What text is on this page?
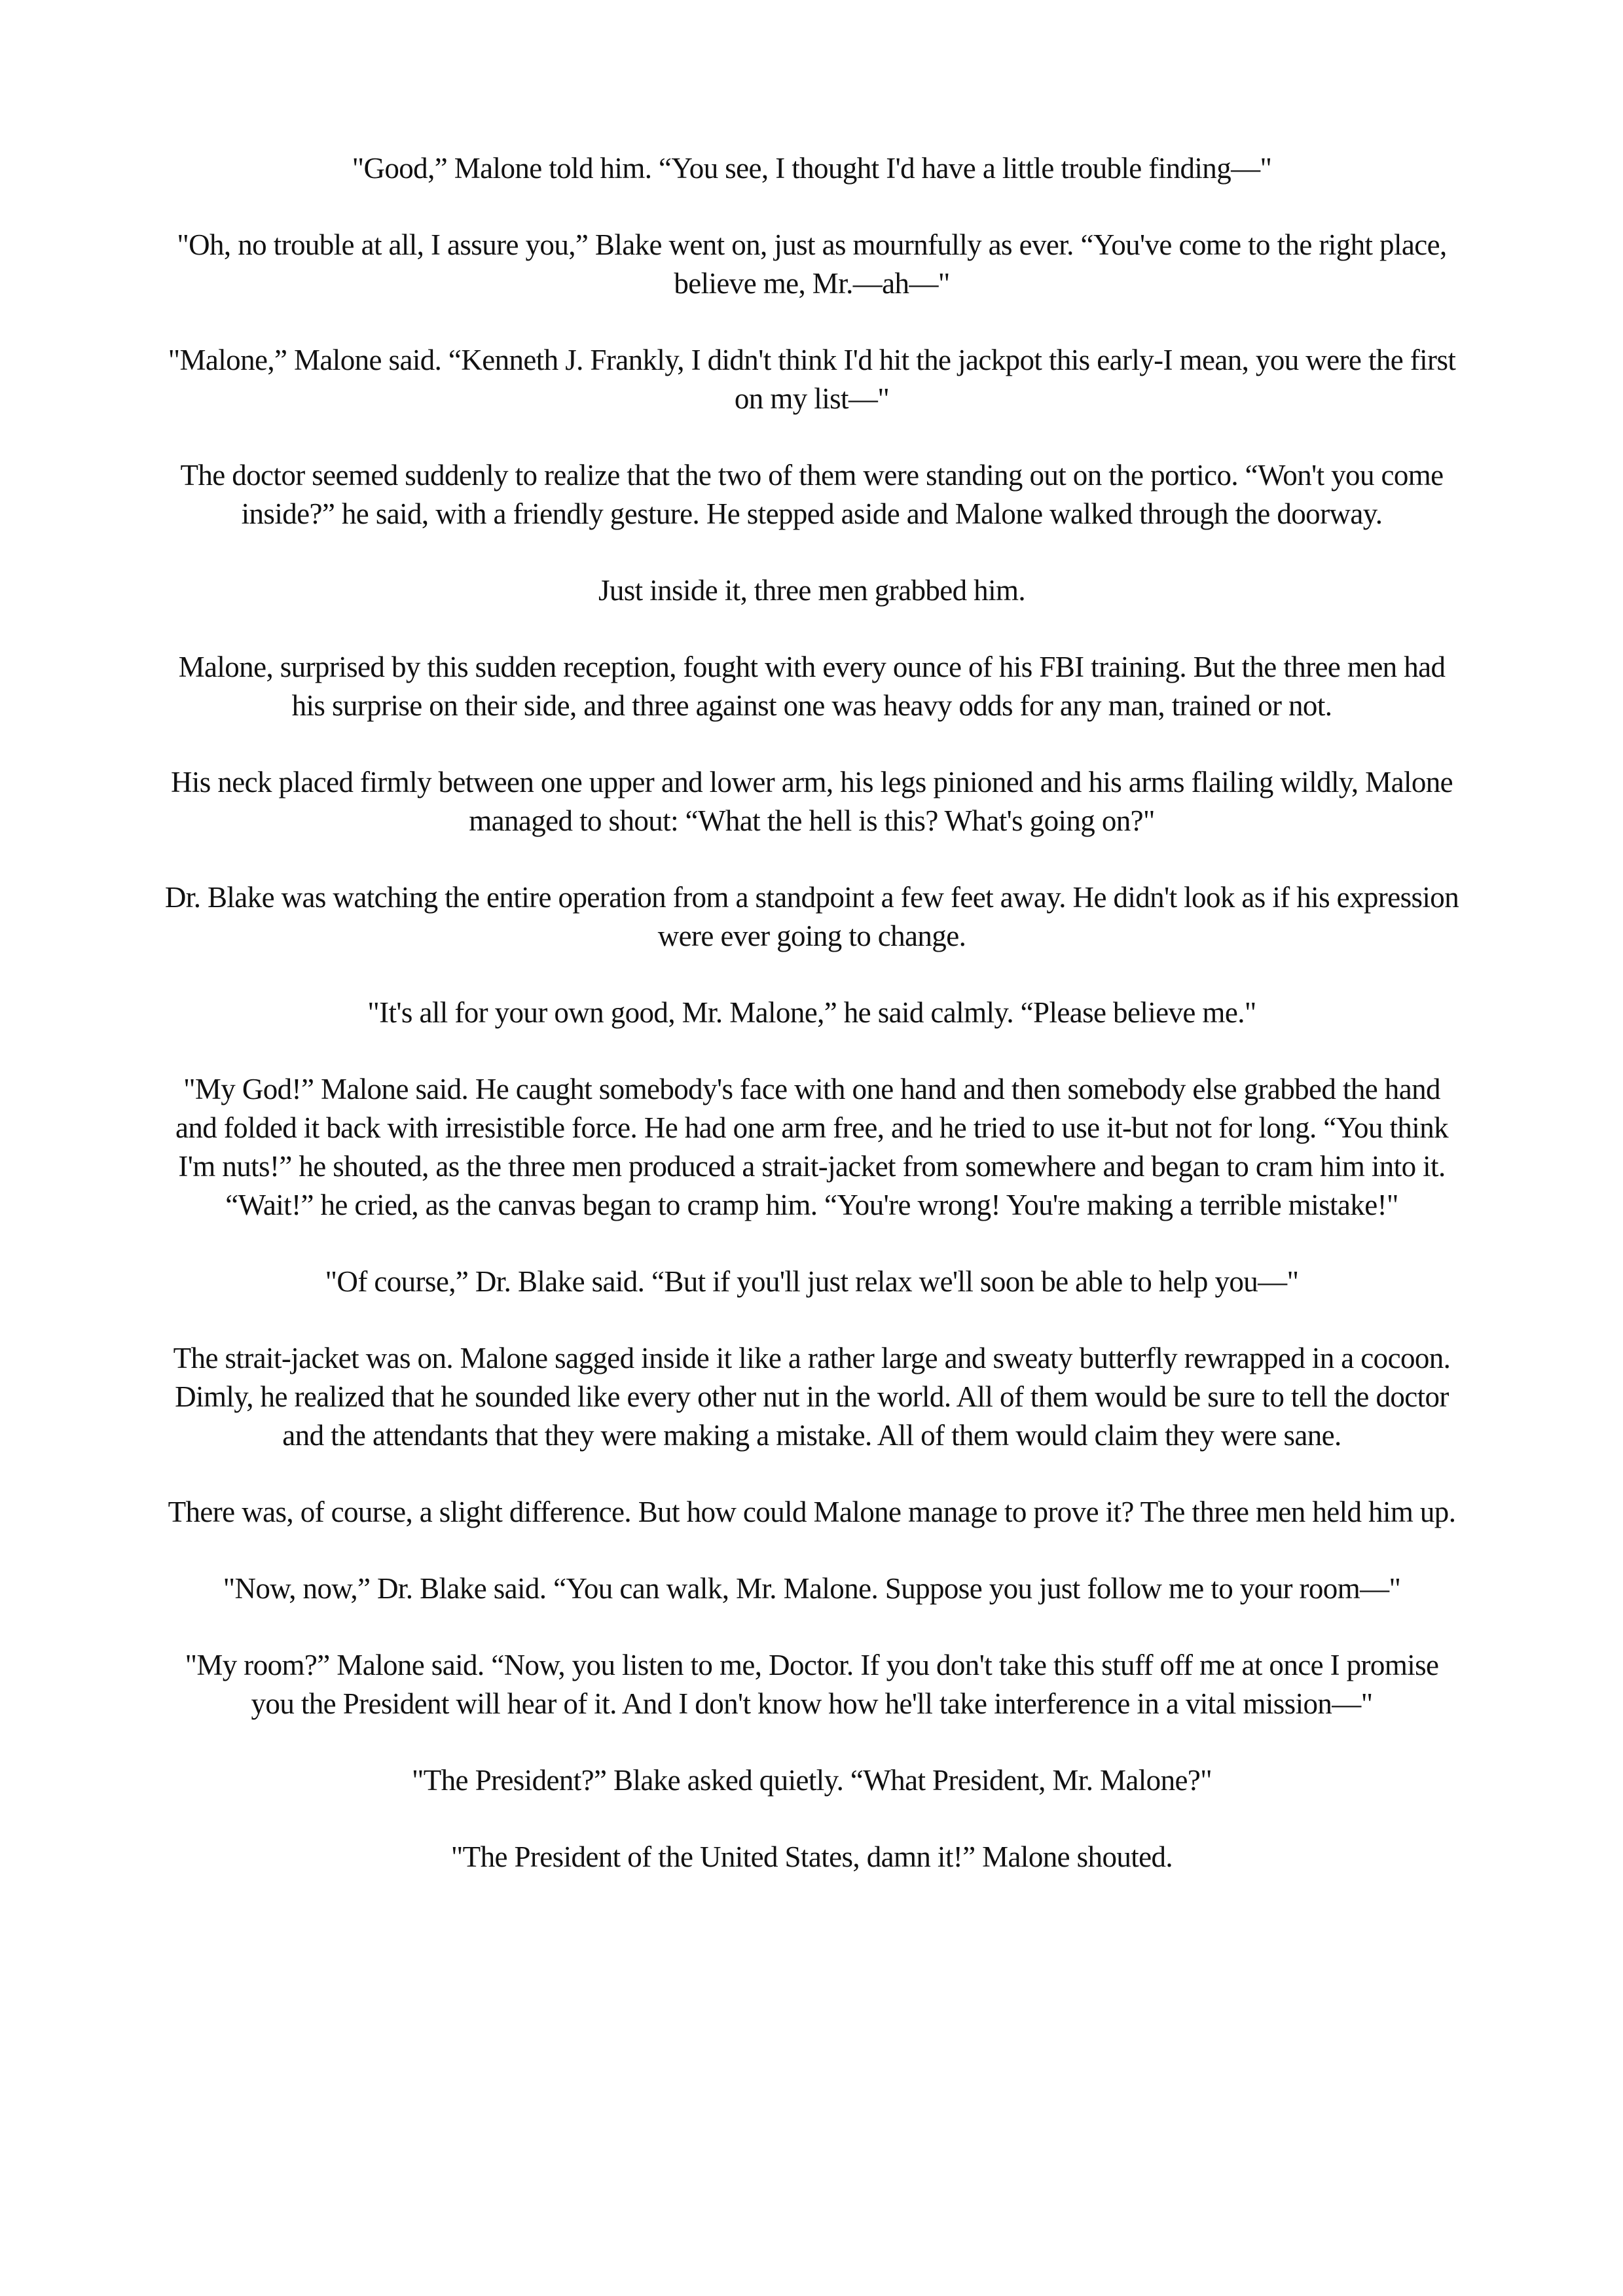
"Good,” Malone told him. “You see, I thought I'd have a little trouble finding—"

"Oh, no trouble at all, I assure you,” Blake went on, just as mournfully as ever. “You've come to the right place, believe me, Mr.—ah—"

"Malone,” Malone said. “Kenneth J. Frankly, I didn't think I'd hit the jackpot this early-I mean, you were the first on my list—"

The doctor seemed suddenly to realize that the two of them were standing out on the portico. “Won't you come inside?” he said, with a friendly gesture. He stepped aside and Malone walked through the doorway.

Just inside it, three men grabbed him.

Malone, surprised by this sudden reception, fought with every ounce of his FBI training. But the three men had his surprise on their side, and three against one was heavy odds for any man, trained or not.

His neck placed firmly between one upper and lower arm, his legs pinioned and his arms flailing wildly, Malone managed to shout: “What the hell is this? What's going on?"

Dr. Blake was watching the entire operation from a standpoint a few feet away. He didn't look as if his expression were ever going to change.

"It's all for your own good, Mr. Malone,” he said calmly. “Please believe me."

"My God!” Malone said. He caught somebody's face with one hand and then somebody else grabbed the hand and folded it back with irresistible force. He had one arm free, and he tried to use it-but not for long. “You think I'm nuts!” he shouted, as the three men produced a strait-jacket from somewhere and began to cram him into it. “Wait!” he cried, as the canvas began to cramp him. “You're wrong! You're making a terrible mistake!"

"Of course,” Dr. Blake said. “But if you'll just relax we'll soon be able to help you—"

The strait-jacket was on. Malone sagged inside it like a rather large and sweaty butterfly rewrapped in a cocoon. Dimly, he realized that he sounded like every other nut in the world. All of them would be sure to tell the doctor and the attendants that they were making a mistake. All of them would claim they were sane.

There was, of course, a slight difference. But how could Malone manage to prove it? The three men held him up.

"Now, now,” Dr. Blake said. “You can walk, Mr. Malone. Suppose you just follow me to your room—"

"My room?” Malone said. “Now, you listen to me, Doctor. If you don't take this stuff off me at once I promise you the President will hear of it. And I don't know how he'll take interference in a vital mission—"

"The President?” Blake asked quietly. “What President, Mr. Malone?"

"The President of the United States, damn it!” Malone shouted.
